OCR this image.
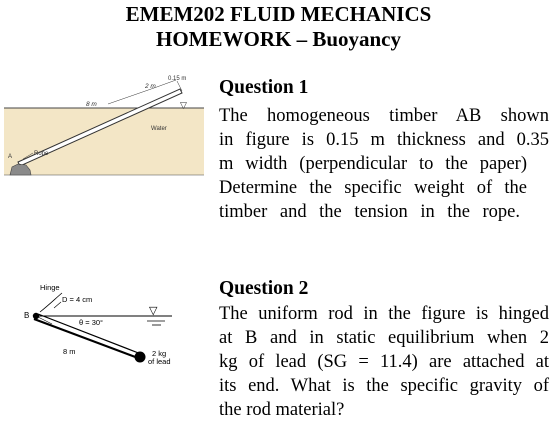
EMEM202 FLUID MECHANICS
HOMEWORK – Buoyancy
8 m
2 m
0.15 m
▽
Water
Rope
A
Question 1
The homogeneous timber AB shown
in figure is 0.15 m thickness and 0.35
m width (perpendicular to the paper)
Determine the specific weight of the
timber and the tension in the rope.
Hinge
B
D = 4 cm
θ = 30°
▽
8 m	2 kg
of lead
Question 2
The uniform rod in the figure is hinged
at B and in static equilibrium when 2
kg of lead (SG = 11.4) are attached at
its end. What is the specific gravity of
the rod material?
